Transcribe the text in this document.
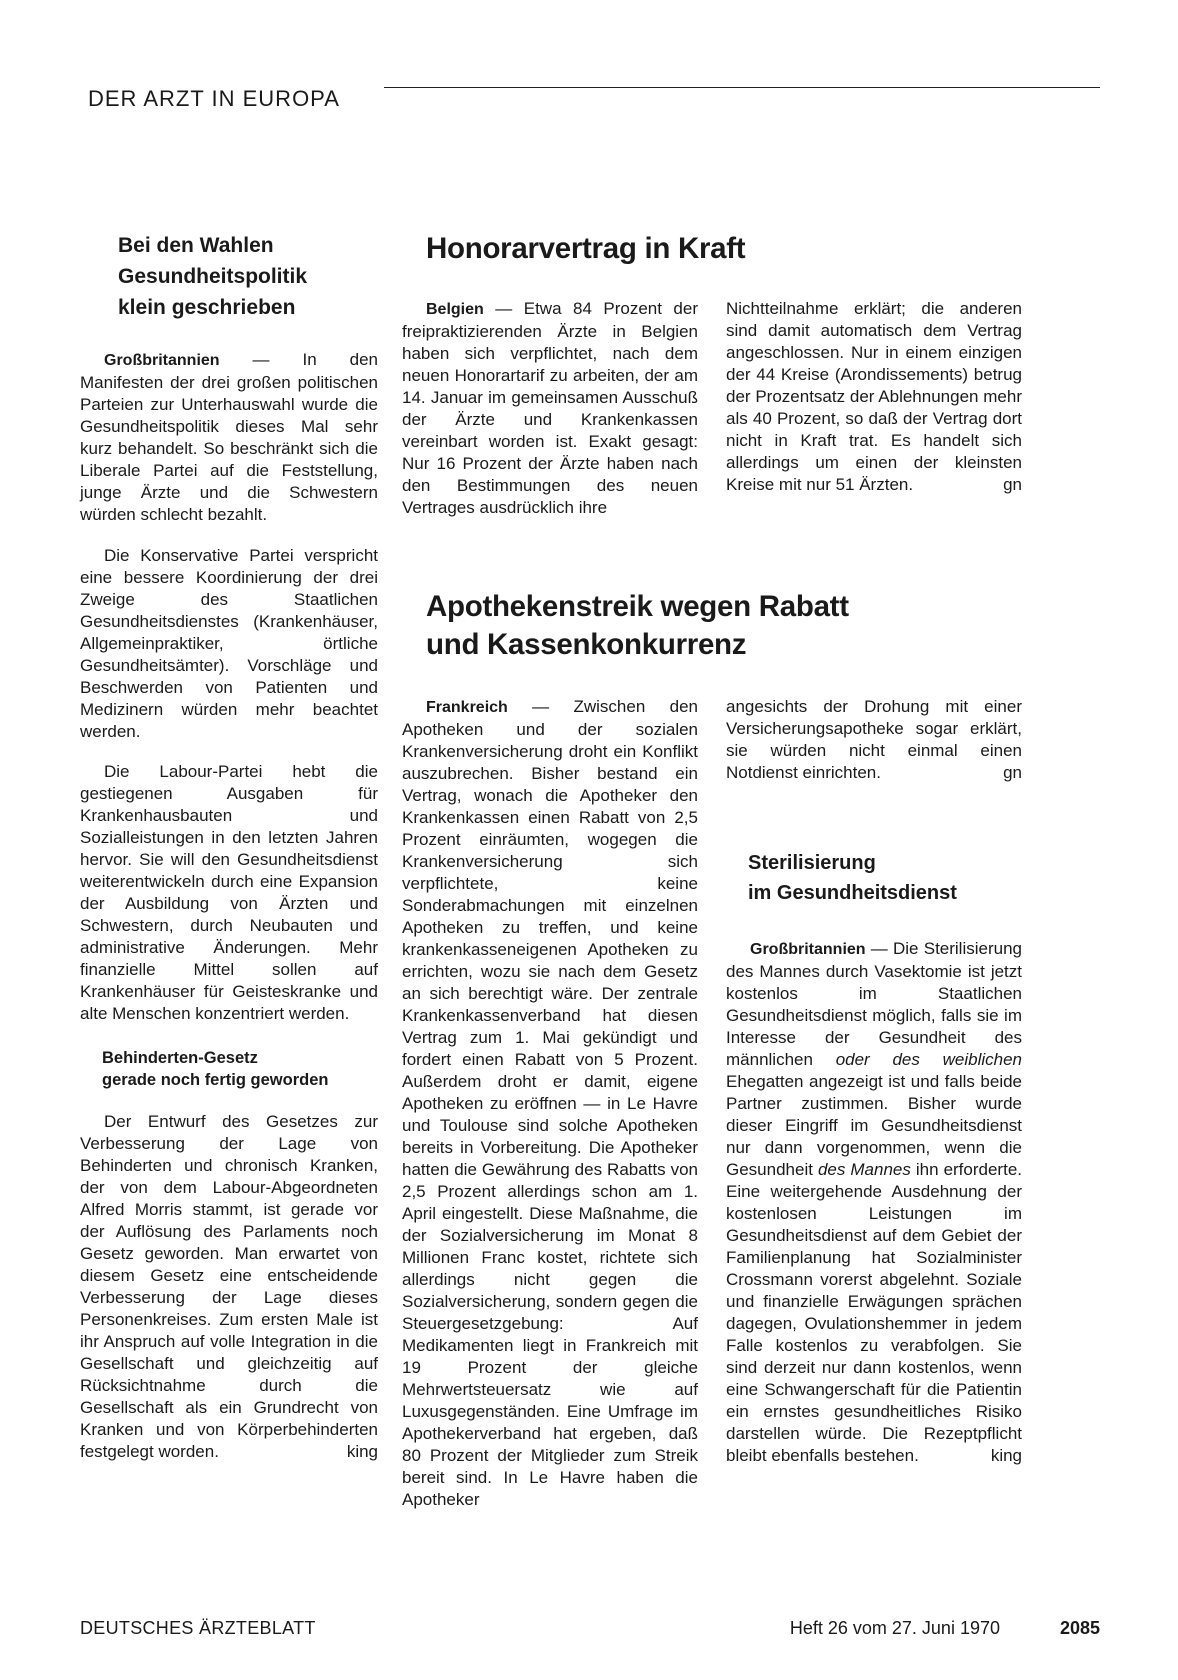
DER ARZT IN EUROPA
Bei den Wahlen
Gesundheitspolitik
klein geschrieben

Großbritannien — In den Manifesten der drei großen politischen Parteien zur Unterhauswahl wurde die Gesundheitspolitik dieses Mal sehr kurz behandelt. So beschränkt sich die Liberale Partei auf die Feststellung, junge Ärzte und die Schwestern würden schlecht bezahlt.

Die Konservative Partei verspricht eine bessere Koordinierung der drei Zweige des Staatlichen Gesundheitsdienstes (Krankenhäuser, Allgemeinpraktiker, örtliche Gesundheitsämter). Vorschläge und Beschwerden von Patienten und Medizinern würden mehr beachtet werden.

Die Labour-Partei hebt die gestiegenen Ausgaben für Krankenhausbauten und Sozialleistungen in den letzten Jahren hervor. Sie will den Gesundheitsdienst weiterentwickeln durch eine Expansion der Ausbildung von Ärzten und Schwestern, durch Neubauten und administrative Änderungen. Mehr finanzielle Mittel sollen auf Krankenhäuser für Geisteskranke und alte Menschen konzentriert werden.

Behinderten-Gesetz
gerade noch fertig geworden

Der Entwurf des Gesetzes zur Verbesserung der Lage von Behinderten und chronisch Kranken, der von dem Labour-Abgeordneten Alfred Morris stammt, ist gerade vor der Auflösung des Parlaments noch Gesetz geworden. Man erwartet von diesem Gesetz eine entscheidende Verbesserung der Lage dieses Personenkreises. Zum ersten Male ist ihr Anspruch auf volle Integration in die Gesellschaft und gleichzeitig auf Rücksichtnahme durch die Gesellschaft als ein Grundrecht von Kranken und von Körperbehinderten festgelegt worden.	king

Honorarvertrag in Kraft

Belgien — Etwa 84 Prozent der freipraktizierenden Ärzte in Belgien haben sich verpflichtet, nach dem neuen Honorartarif zu arbeiten, der am 14. Januar im gemeinsamen Ausschuß der Ärzte und Krankenkassen vereinbart worden ist. Exakt gesagt: Nur 16 Prozent der Ärzte haben nach den Bestimmungen des neuen Vertrages ausdrücklich ihre

Nichtteilnahme erklärt; die anderen sind damit automatisch dem Vertrag angeschlossen. Nur in einem einzigen der 44 Kreise (Arondissements) betrug der Prozentsatz der Ablehnungen mehr als 40 Prozent, so daß der Vertrag dort nicht in Kraft trat. Es handelt sich allerdings um einen der kleinsten Kreise mit nur 51 Ärzten.	gn

Apothekenstreik wegen Rabatt
und Kassenkonkurrenz

Frankreich — Zwischen den Apotheken und der sozialen Krankenversicherung droht ein Konflikt auszubrechen. Bisher bestand ein Vertrag, wonach die Apotheker den Krankenkassen einen Rabatt von 2,5 Prozent einräumten, wogegen die Krankenversicherung sich verpflichtete, keine Sonderabmachungen mit einzelnen Apotheken zu treffen, und keine krankenkasseneigenen Apotheken zu errichten, wozu sie nach dem Gesetz an sich berechtigt wäre. Der zentrale Krankenkassenverband hat diesen Vertrag zum 1. Mai gekündigt und fordert einen Rabatt von 5 Prozent. Außerdem droht er damit, eigene Apotheken zu eröffnen — in Le Havre und Toulouse sind solche Apotheken bereits in Vorbereitung. Die Apotheker hatten die Gewährung des Rabatts von 2,5 Prozent allerdings schon am 1. April eingestellt. Diese Maßnahme, die der Sozialversicherung im Monat 8 Millionen Franc kostet, richtete sich allerdings nicht gegen die Sozialversicherung, sondern gegen die Steuergesetzgebung: Auf Medikamenten liegt in Frankreich mit 19 Prozent der gleiche Mehrwertsteuersatz wie auf Luxusgegenständen. Eine Umfrage im Apothekerverband hat ergeben, daß 80 Prozent der Mitglieder zum Streik bereit sind. In Le Havre haben die Apotheker

angesichts der Drohung mit einer Versicherungsapotheke sogar erklärt, sie würden nicht einmal einen Notdienst einrichten.	gn

Sterilisierung
im Gesundheitsdienst

Großbritannien — Die Sterilisierung des Mannes durch Vasektomie ist jetzt kostenlos im Staatlichen Gesundheitsdienst möglich, falls sie im Interesse der Gesundheit des männlichen oder des weiblichen Ehegatten angezeigt ist und falls beide Partner zustimmen. Bisher wurde dieser Eingriff im Gesundheitsdienst nur dann vorgenommen, wenn die Gesundheit des Mannes ihn erforderte. Eine weitergehende Ausdehnung der kostenlosen Leistungen im Gesundheitsdienst auf dem Gebiet der Familienplanung hat Sozialminister Crossmann vorerst abgelehnt. Soziale und finanzielle Erwägungen sprächen dagegen, Ovulationshemmer in jedem Falle kostenlos zu verabfolgen. Sie sind derzeit nur dann kostenlos, wenn eine Schwangerschaft für die Patientin ein ernstes gesundheitliches Risiko darstellen würde. Die Rezeptpflicht bleibt ebenfalls bestehen.	king

DEUTSCHES ÄRZTEBLATT	Heft 26 vom 27. Juni 1970	2085
